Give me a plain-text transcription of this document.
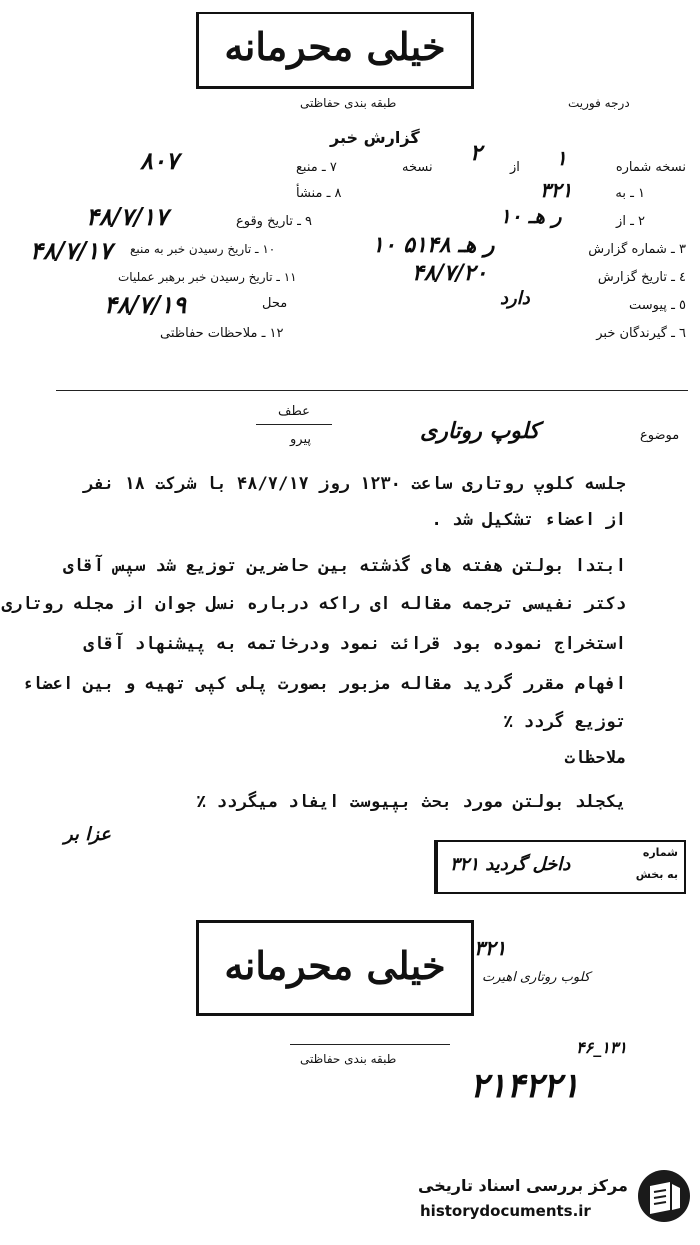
خیلی محرمانه
طبقه بندی حفاظتی	درجه فوریت
گزارش خبر
نسخه شماره
۱
از
۲
نسخه
۱ ـ به
۳۲۱
۲ ـ از
۱۰ ر هـ
۳ ـ شماره گزارش
۱۰ ر هـ ۵۱۴۸
٤ ـ تاریخ گزارش
۴۸/۷/۲۰
٥ ـ پیوست
دارد
٦ ـ گیرندگان خبر
۷ ـ منبع
۸۰۷
۸ ـ منشأ
۹ ـ تاریخ وقوع
۴۸/۷/۱۷
۱۰ ـ تاریخ رسیدن خبر به منبع
۴۸/۷/۱۷
۱۱ ـ تاریخ رسیدن خبر برهبر عملیات
محل
۴۸/۷/۱۹
۱۲ ـ ملاحظات حفاظتی
موضوع
کلوپ روتاری
عطف
پیرو
جلسه کلوپ روتاری ساعت ۱۲۳۰ روز ۴۸/۷/۱۷ با شرکت ۱۸ نفر
از اعضاء تشکیل شد .
ابتدا بولتن هفته های گذشته بین حاضرین توزیع شد سپس آقای
دکتر نفیسی ترجمه مقاله ای راکه درباره نسل جوان از مجله روتاری
استخراج نموده بود قرائت نمود ودرخاتمه به پیشنهاد آقای
افهام مقرر گردید مقاله مزبور بصورت پلی کپی تهیه و بین اعضاء
توزیع گردد ٪
ملاحظات
یکجلد بولتن مورد بحث بپیوست ایفاد میگردد ٪
عزا بر
شماره
به بخش
۳۲۱ داخل گردید
خیلی محرمانه	۳۲۱
کلوب روتاری اهیرت
طبقه بندی حفاظتی
۴۶_۱۳۱
۲۱۴۲۲۱
مرکز بررسی اسناد تاریخی
historydocuments.ir
